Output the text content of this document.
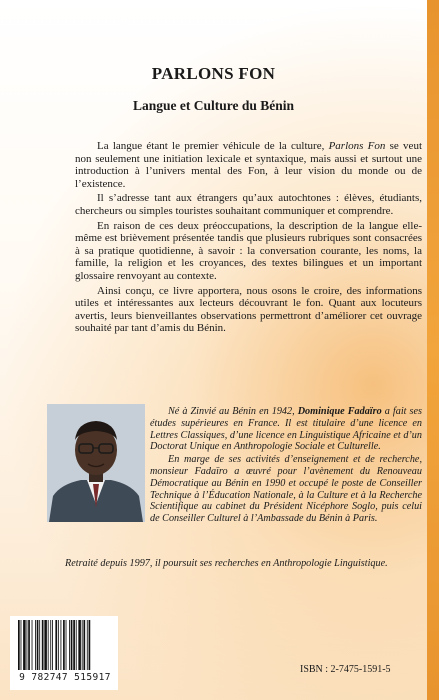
PARLONS FON
Langue et Culture du Bénin

La langue étant le premier véhicule de la culture, Parlons Fon se veut non seulement une initiation lexicale et syntaxique, mais aussi et surtout une introduction à l’univers mental des Fon, à leur vision du monde ou de l’existence.

Il s’adresse tant aux étrangers qu’aux autochtones : élèves, étudiants, chercheurs ou simples touristes souhaitant communiquer et comprendre.

En raison de ces deux préoccupations, la description de la langue elle-même est brièvement présentée tandis que plusieurs rubriques sont consacrées à sa pratique quotidienne, à savoir : la conversation courante, les noms, la famille, la religion et les croyances, des textes bilingues et un important glossaire renvoyant au contexte.

Ainsi conçu, ce livre apportera, nous osons le croire, des informations utiles et intéressantes aux lecteurs découvrant le fon. Quant aux locuteurs avertis, leurs bienveillantes observations permettront d’améliorer cet ouvrage souhaité par tant d’amis du Bénin.

Né à Zinvié au Bénin en 1942, Dominique Fadaïro a fait ses études supérieures en France. Il est titulaire d’une licence en Lettres Classiques, d’une licence en Linguistique Africaine et d’un Doctorat Unique en Anthropologie Sociale et Culturelle.

En marge de ses activités d’enseignement et de recherche, monsieur Fadaïro a œuvré pour l’avènement du Renouveau Démocratique au Bénin en 1990 et occupé le poste de Conseiller Technique à l’Éducation Nationale, à la Culture et à la Recherche Scientifique au cabinet du Président Nicéphore Soglo, puis celui de Conseiller Culturel à l’Ambassade du Bénin à Paris.

Retraité depuis 1997, il poursuit ses recherches en Anthropologie Linguistique.

9 782747 515917
ISBN : 2-7475-1591-5
